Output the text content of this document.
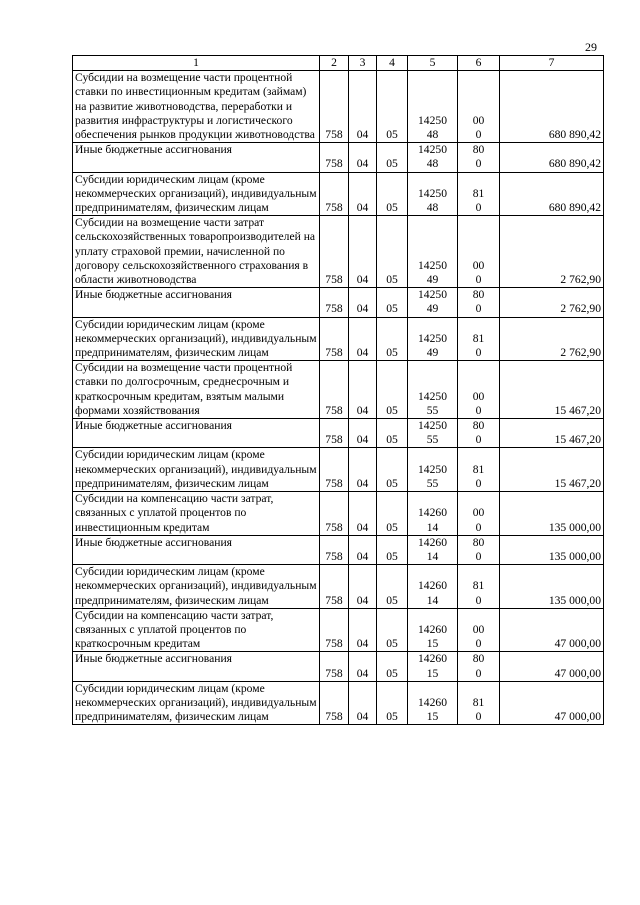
29
1	2	3	4	5	6	7
Субсидии на возмещение части процентной ставки по инвестиционным кредитам (займам) на развитие животноводства, переработки и развития инфраструктуры и логистического обеспечения рынков продукции животноводства	758	04	05	1425048	000	680 890,42
Иные бюджетные ассигнования	758	04	05	1425048	800	680 890,42
Субсидии юридическим лицам (кроме некоммерческих организаций), индивидуальным предпринимателям, физическим лицам	758	04	05	1425048	810	680 890,42
Субсидии на возмещение части затрат сельскохозяйственных товаропроизводителей на уплату страховой премии, начисленной по договору сельскохозяйственного страхования в области животноводства	758	04	05	1425049	000	2 762,90
Иные бюджетные ассигнования	758	04	05	1425049	800	2 762,90
Субсидии юридическим лицам (кроме некоммерческих организаций), индивидуальным предпринимателям, физическим лицам	758	04	05	1425049	810	2 762,90
Субсидии на возмещение части процентной ставки по долгосрочным, среднесрочным и краткосрочным кредитам, взятым малыми формами хозяйствования	758	04	05	1425055	000	15 467,20
Иные бюджетные ассигнования	758	04	05	1425055	800	15 467,20
Субсидии юридическим лицам (кроме некоммерческих организаций), индивидуальным предпринимателям, физическим лицам	758	04	05	1425055	810	15 467,20
Субсидии на компенсацию части затрат, связанных с уплатой процентов по инвестиционным кредитам	758	04	05	1426014	000	135 000,00
Иные бюджетные ассигнования	758	04	05	1426014	800	135 000,00
Субсидии юридическим лицам (кроме некоммерческих организаций), индивидуальным предпринимателям, физическим лицам	758	04	05	1426014	810	135 000,00
Субсидии на компенсацию части затрат, связанных с уплатой процентов по краткосрочным кредитам	758	04	05	1426015	000	47 000,00
Иные бюджетные ассигнования	758	04	05	1426015	800	47 000,00
Субсидии юридическим лицам (кроме некоммерческих организаций), индивидуальным предпринимателям, физическим лицам	758	04	05	1426015	810	47 000,00
